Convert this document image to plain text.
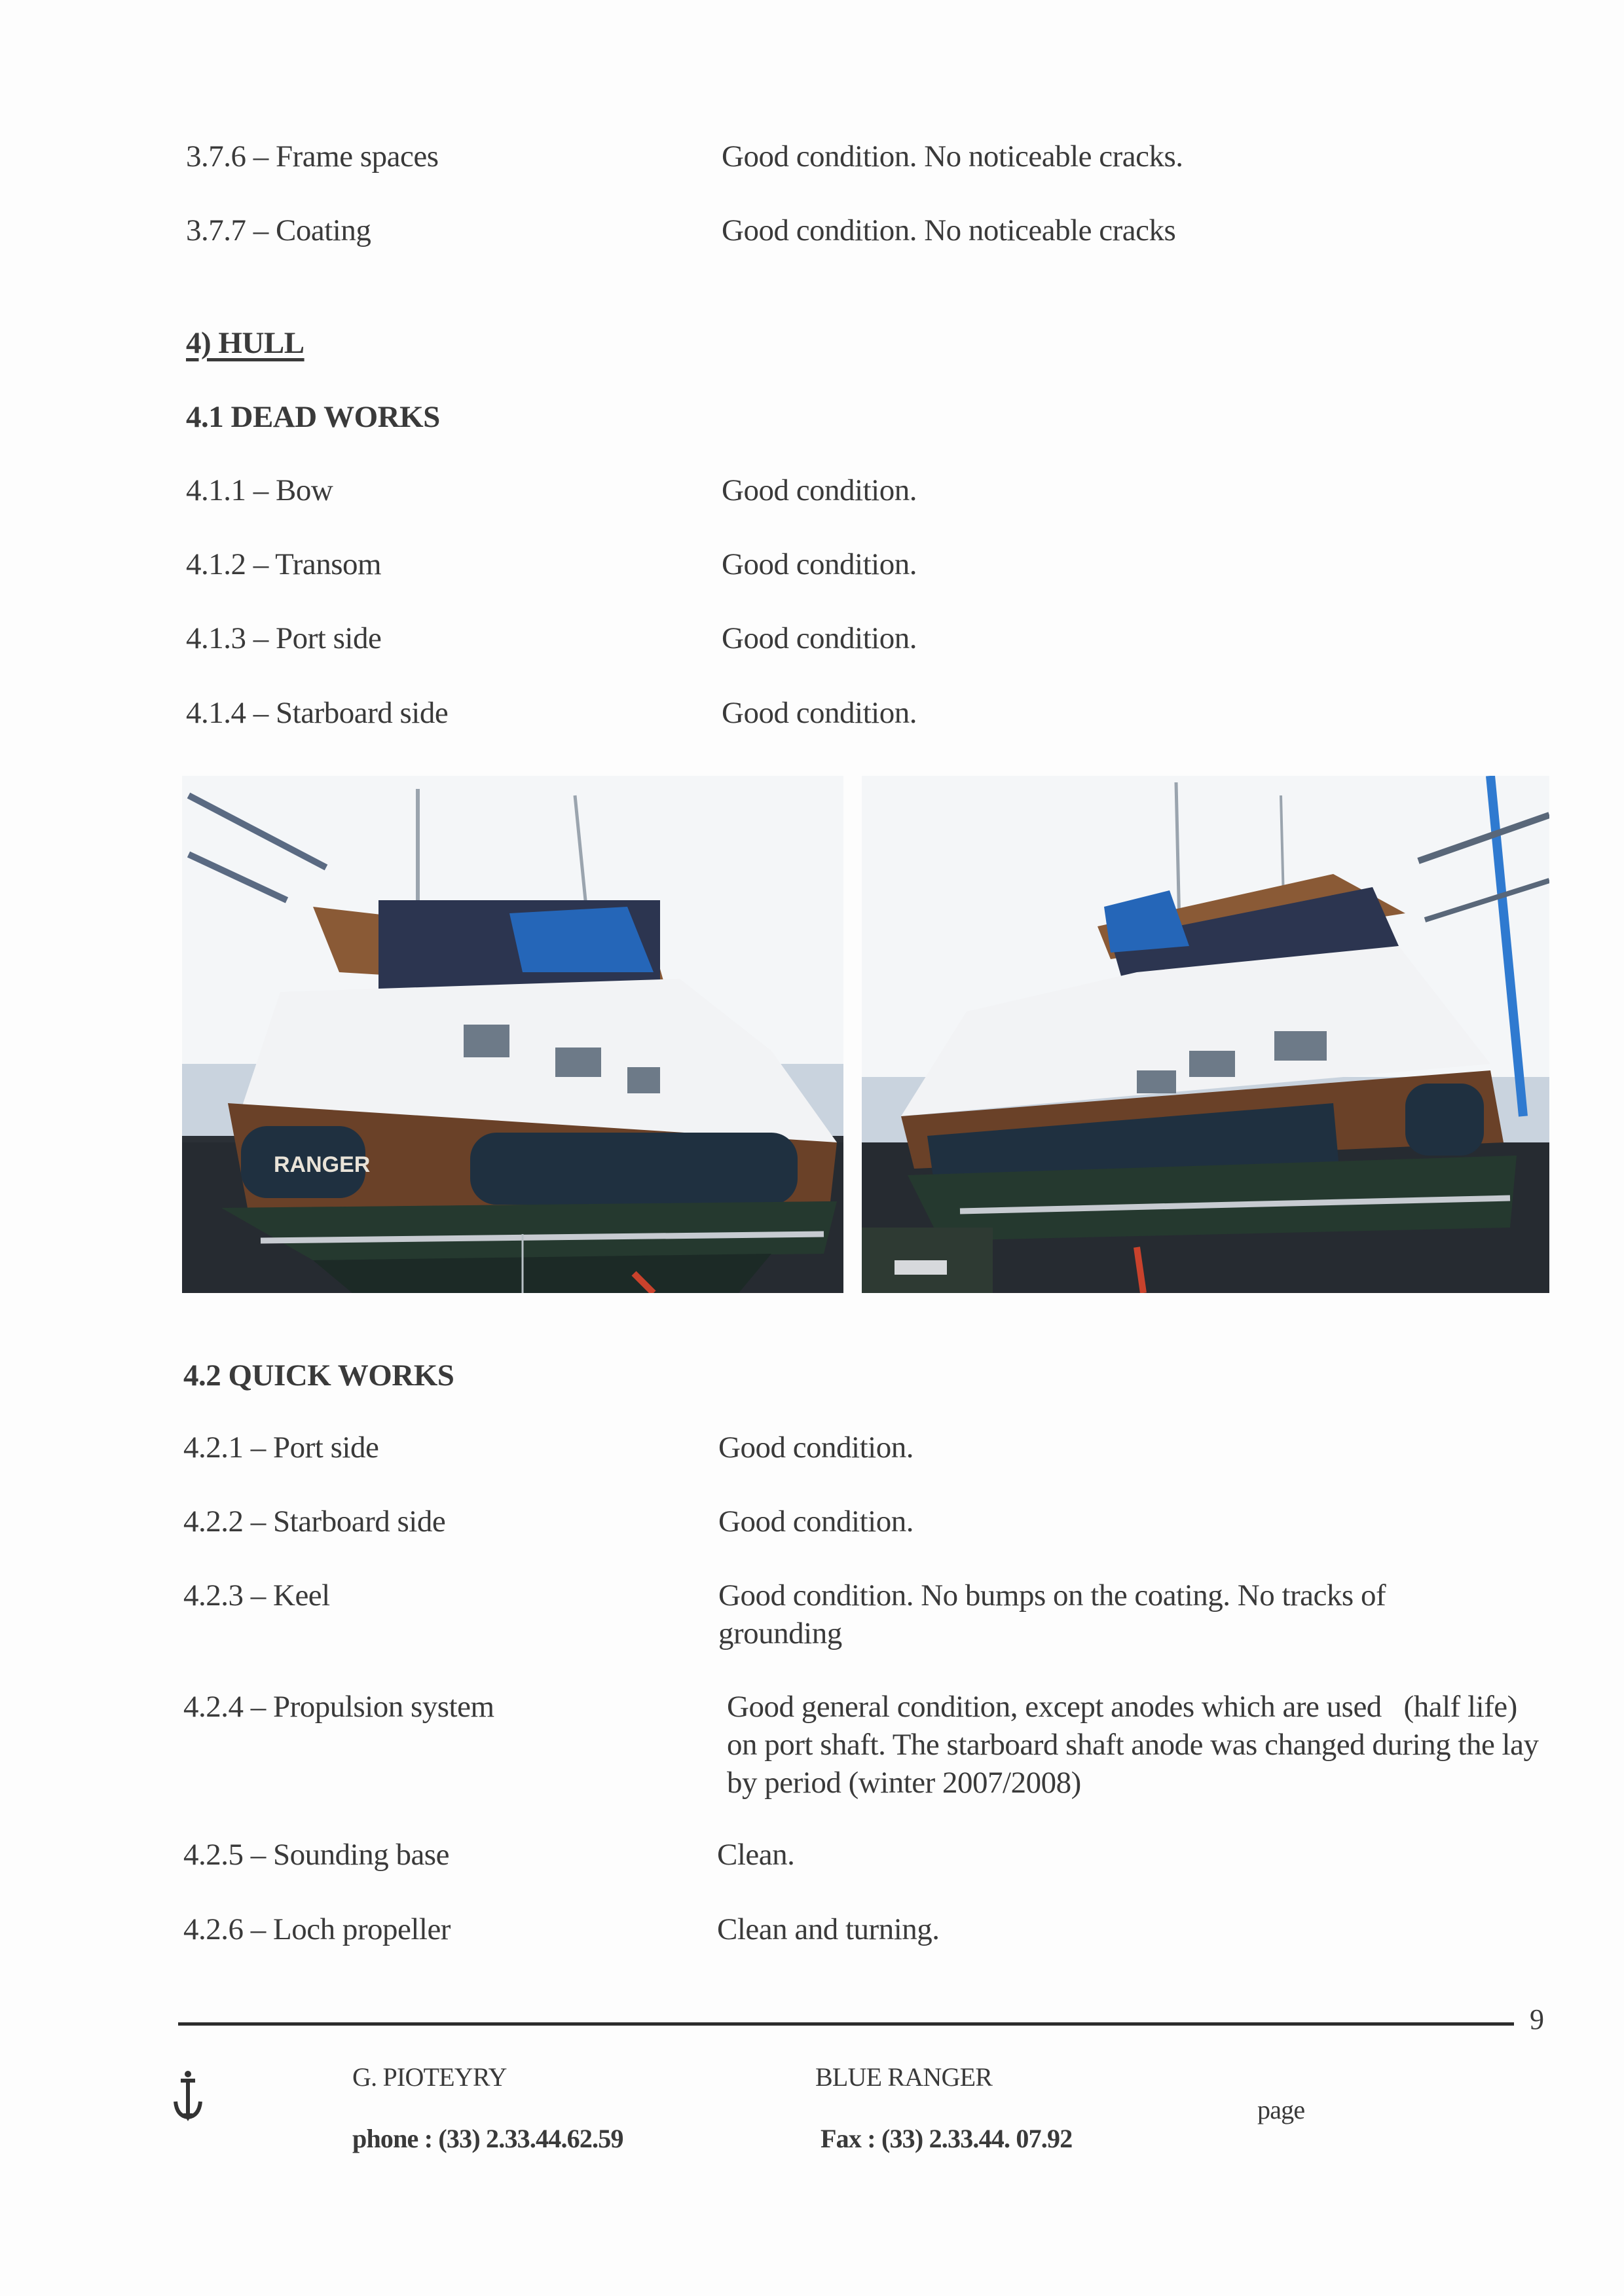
3.7.6 – Frame spaces	Good condition. No noticeable cracks.
3.7.7 – Coating	Good condition. No noticeable cracks
4) HULL
4.1 DEAD WORKS
4.1.1 – Bow	Good condition.
4.1.2 – Transom	Good condition.
4.1.3 – Port side	Good condition.
4.1.4 – Starboard side	Good condition.
RANGER
4.2 QUICK WORKS
4.2.1 – Port side	Good condition.
4.2.2 – Starboard side	Good condition.
4.2.3 – Keel	Good condition. No bumps on the coating. No tracks of grounding
4.2.4 – Propulsion system	Good general condition, except anodes which are used   (half life) on port shaft. The starboard shaft anode was changed during the lay by period (winter 2007/2008)
4.2.5 – Sounding base	Clean.
4.2.6 – Loch propeller	Clean and turning.
9
G. PIOTEYRY
phone : (33) 2.33.44.62.59
BLUE RANGER
Fax : (33) 2.33.44. 07.92
page
